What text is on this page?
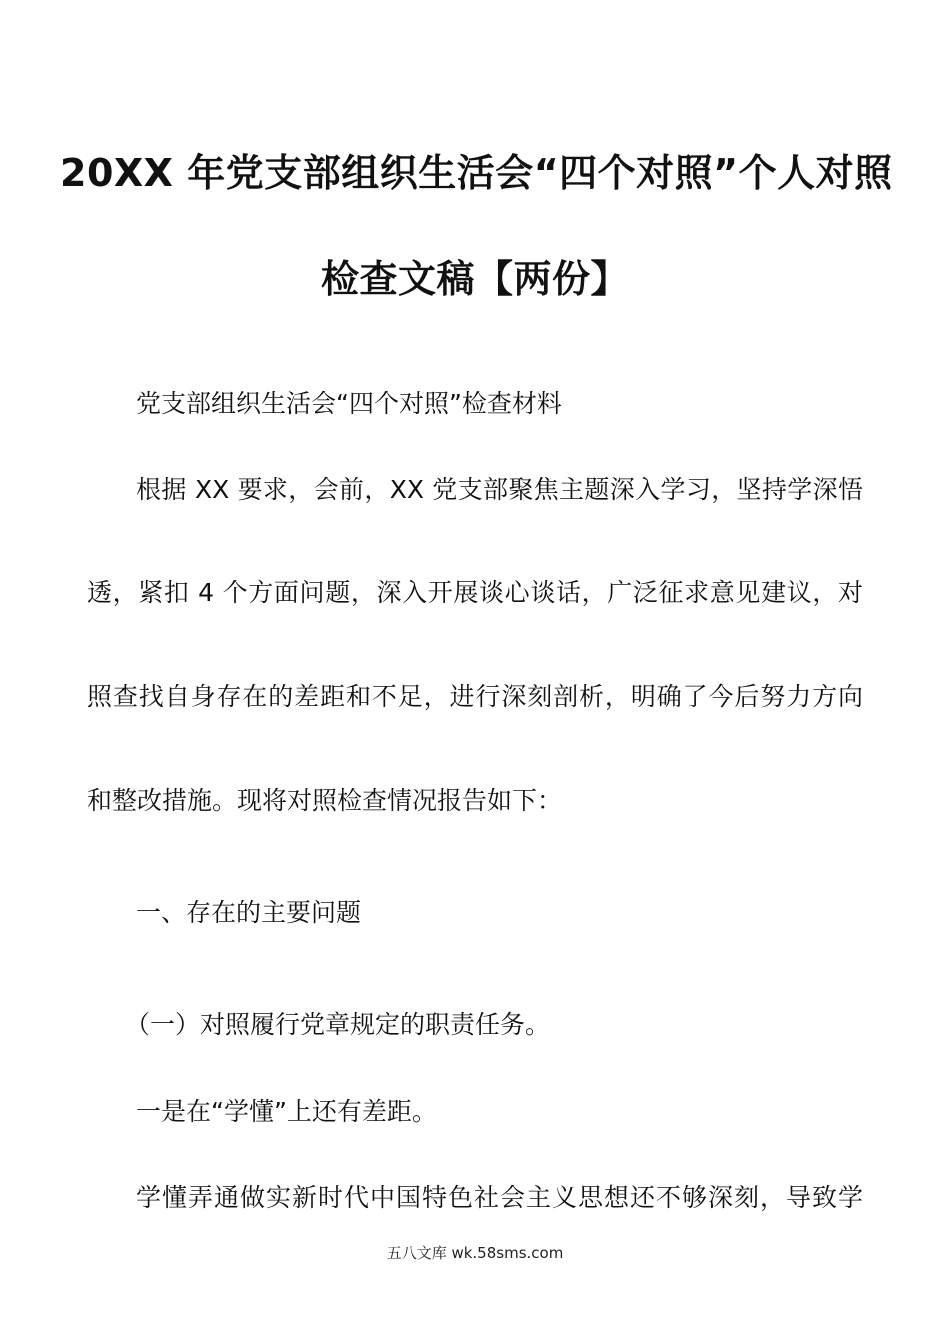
20XX 年党支部组织生活会“四个对照”个人对照
检查文稿【两份】

党支部组织生活会“四个对照”检查材料

根据 XX 要求，会前，XX 党支部聚焦主题深入学习，坚持学深悟

透，紧扣 4 个方面问题，深入开展谈心谈话，广泛征求意见建议，对

照查找自身存在的差距和不足，进行深刻剖析，明确了今后努力方向

和整改措施。现将对照检查情况报告如下：

一、存在的主要问题

（一）对照履行党章规定的职责任务。

一是在“学懂”上还有差距。

学懂弄通做实新时代中国特色社会主义思想还不够深刻，导致学

五八文库 wk.58sms.com
